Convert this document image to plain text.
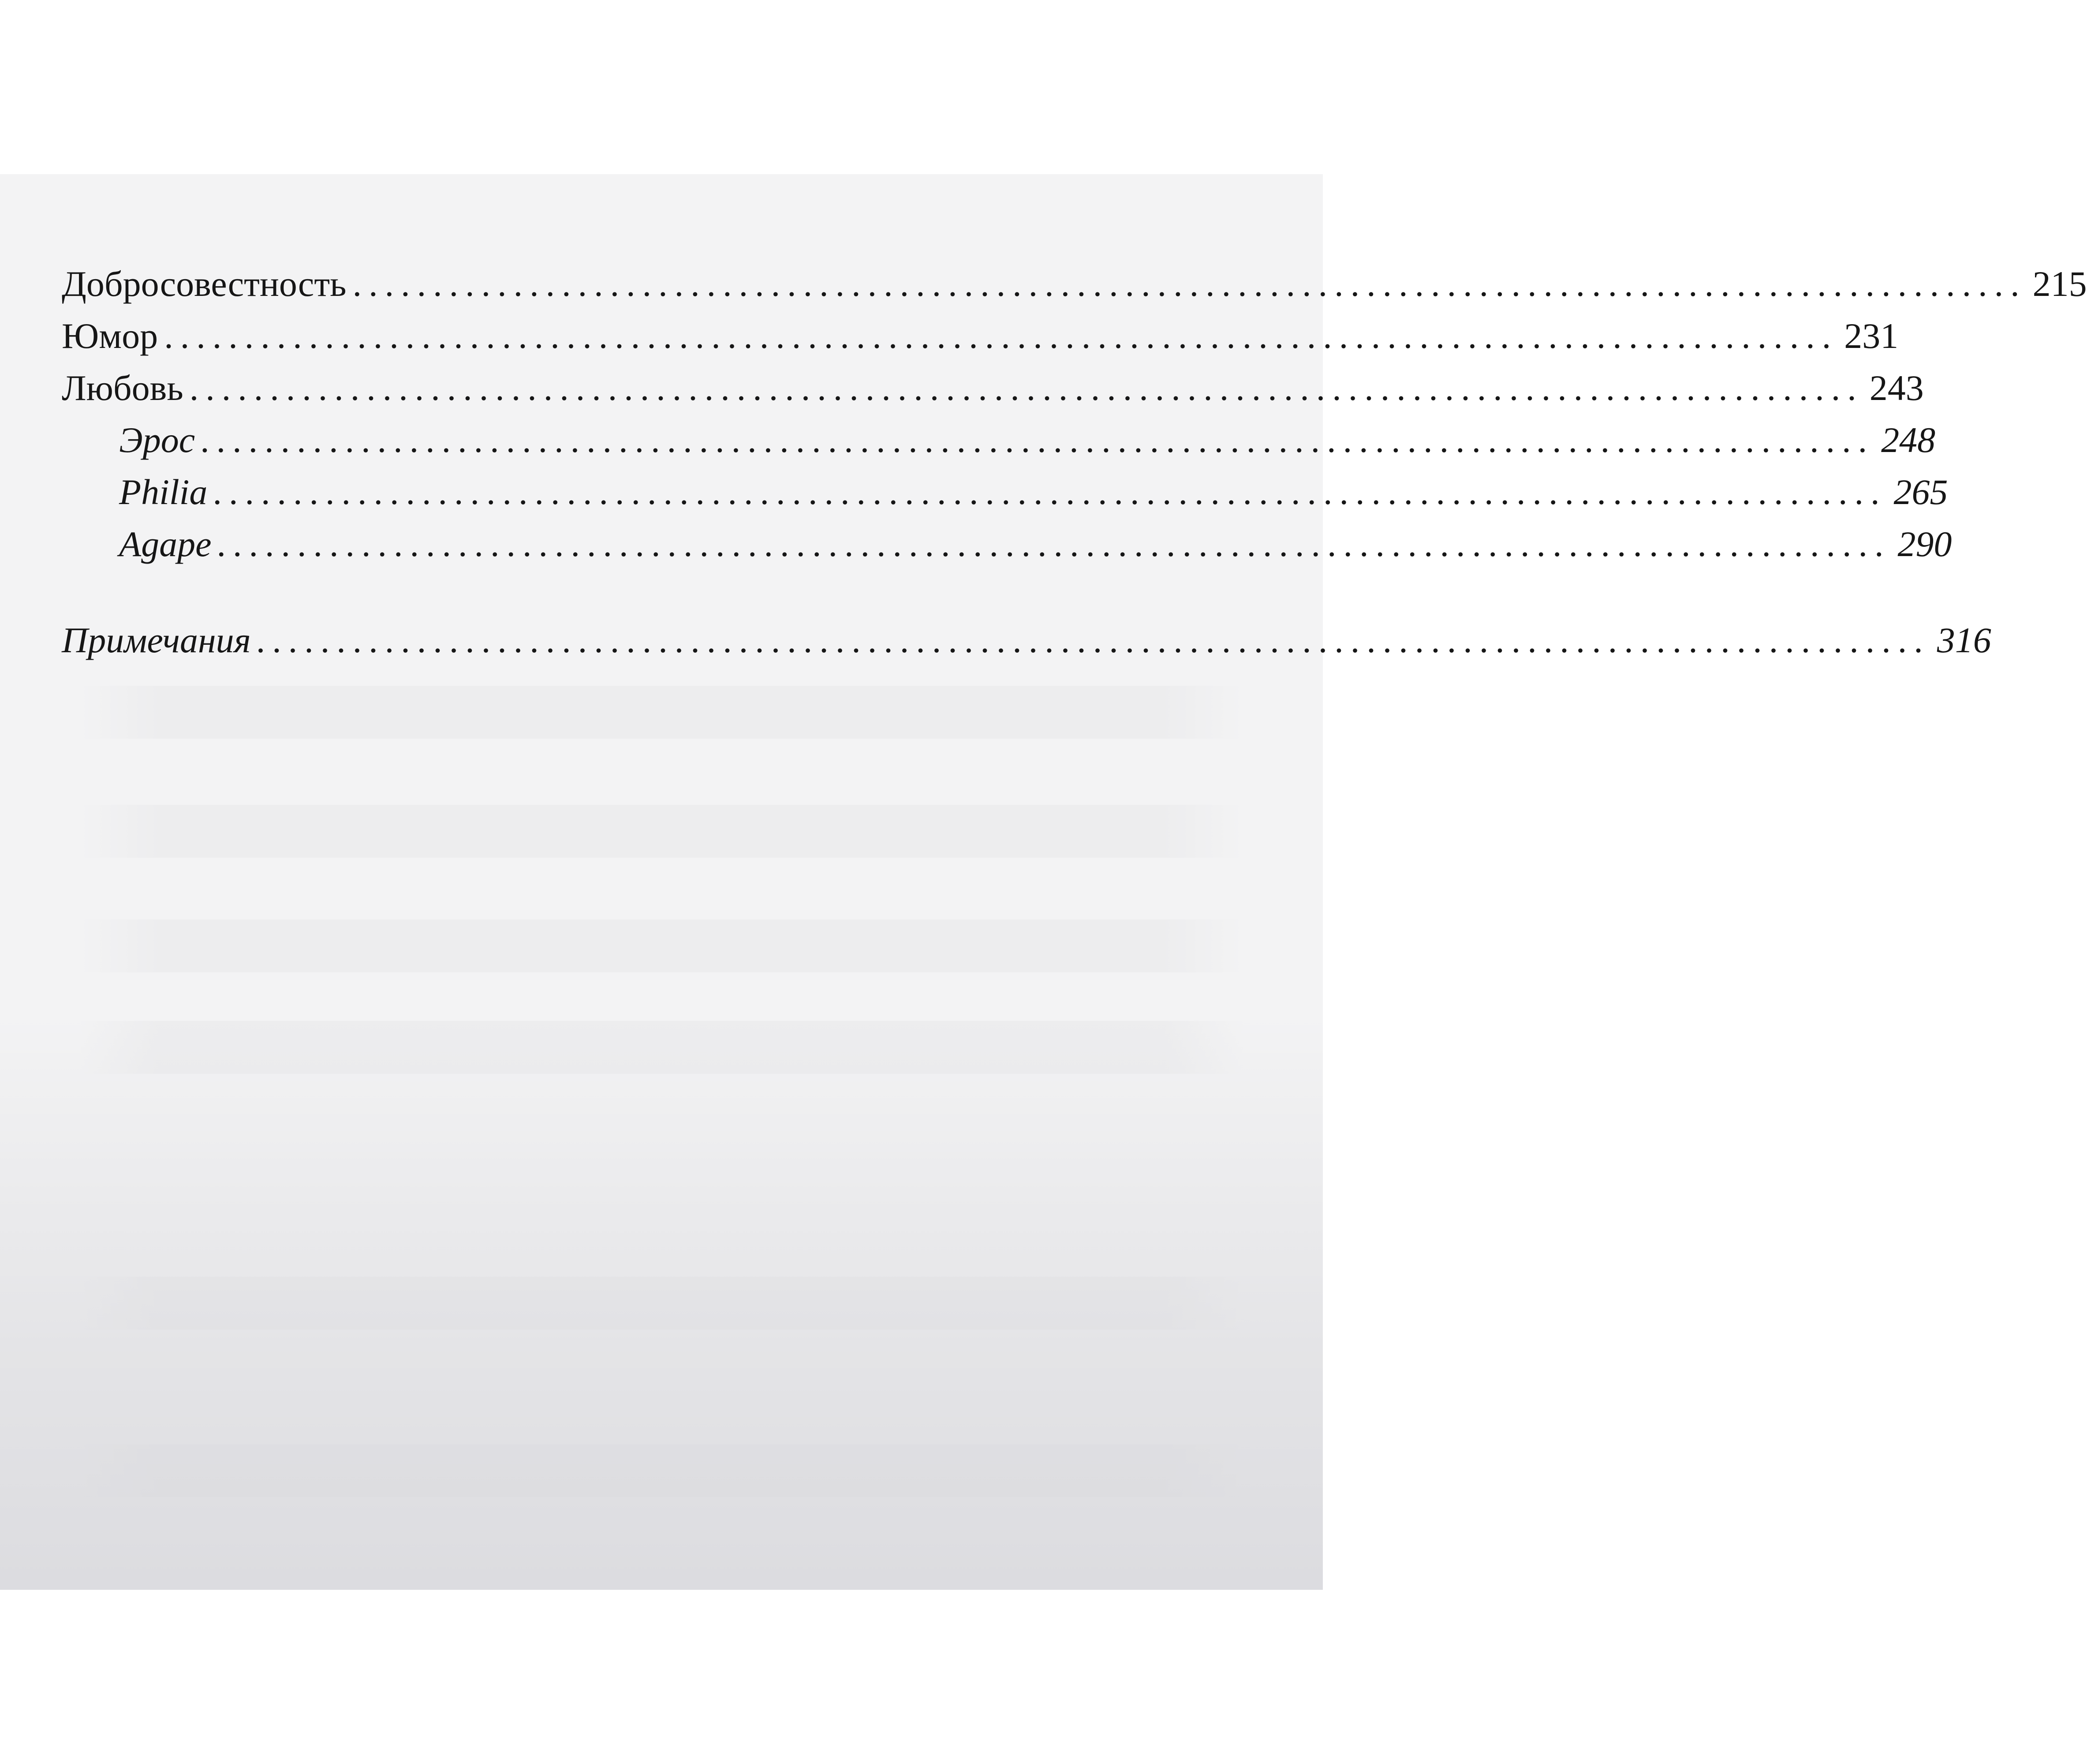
Добросовестность ........................................................................................................ 215
Юмор ........................................................................................................ 231
Любовь ........................................................................................................ 243
Эрос ........................................................................................................ 248
Philia ........................................................................................................ 265
Agape ........................................................................................................ 290
Примечания ........................................................................................................ 316
